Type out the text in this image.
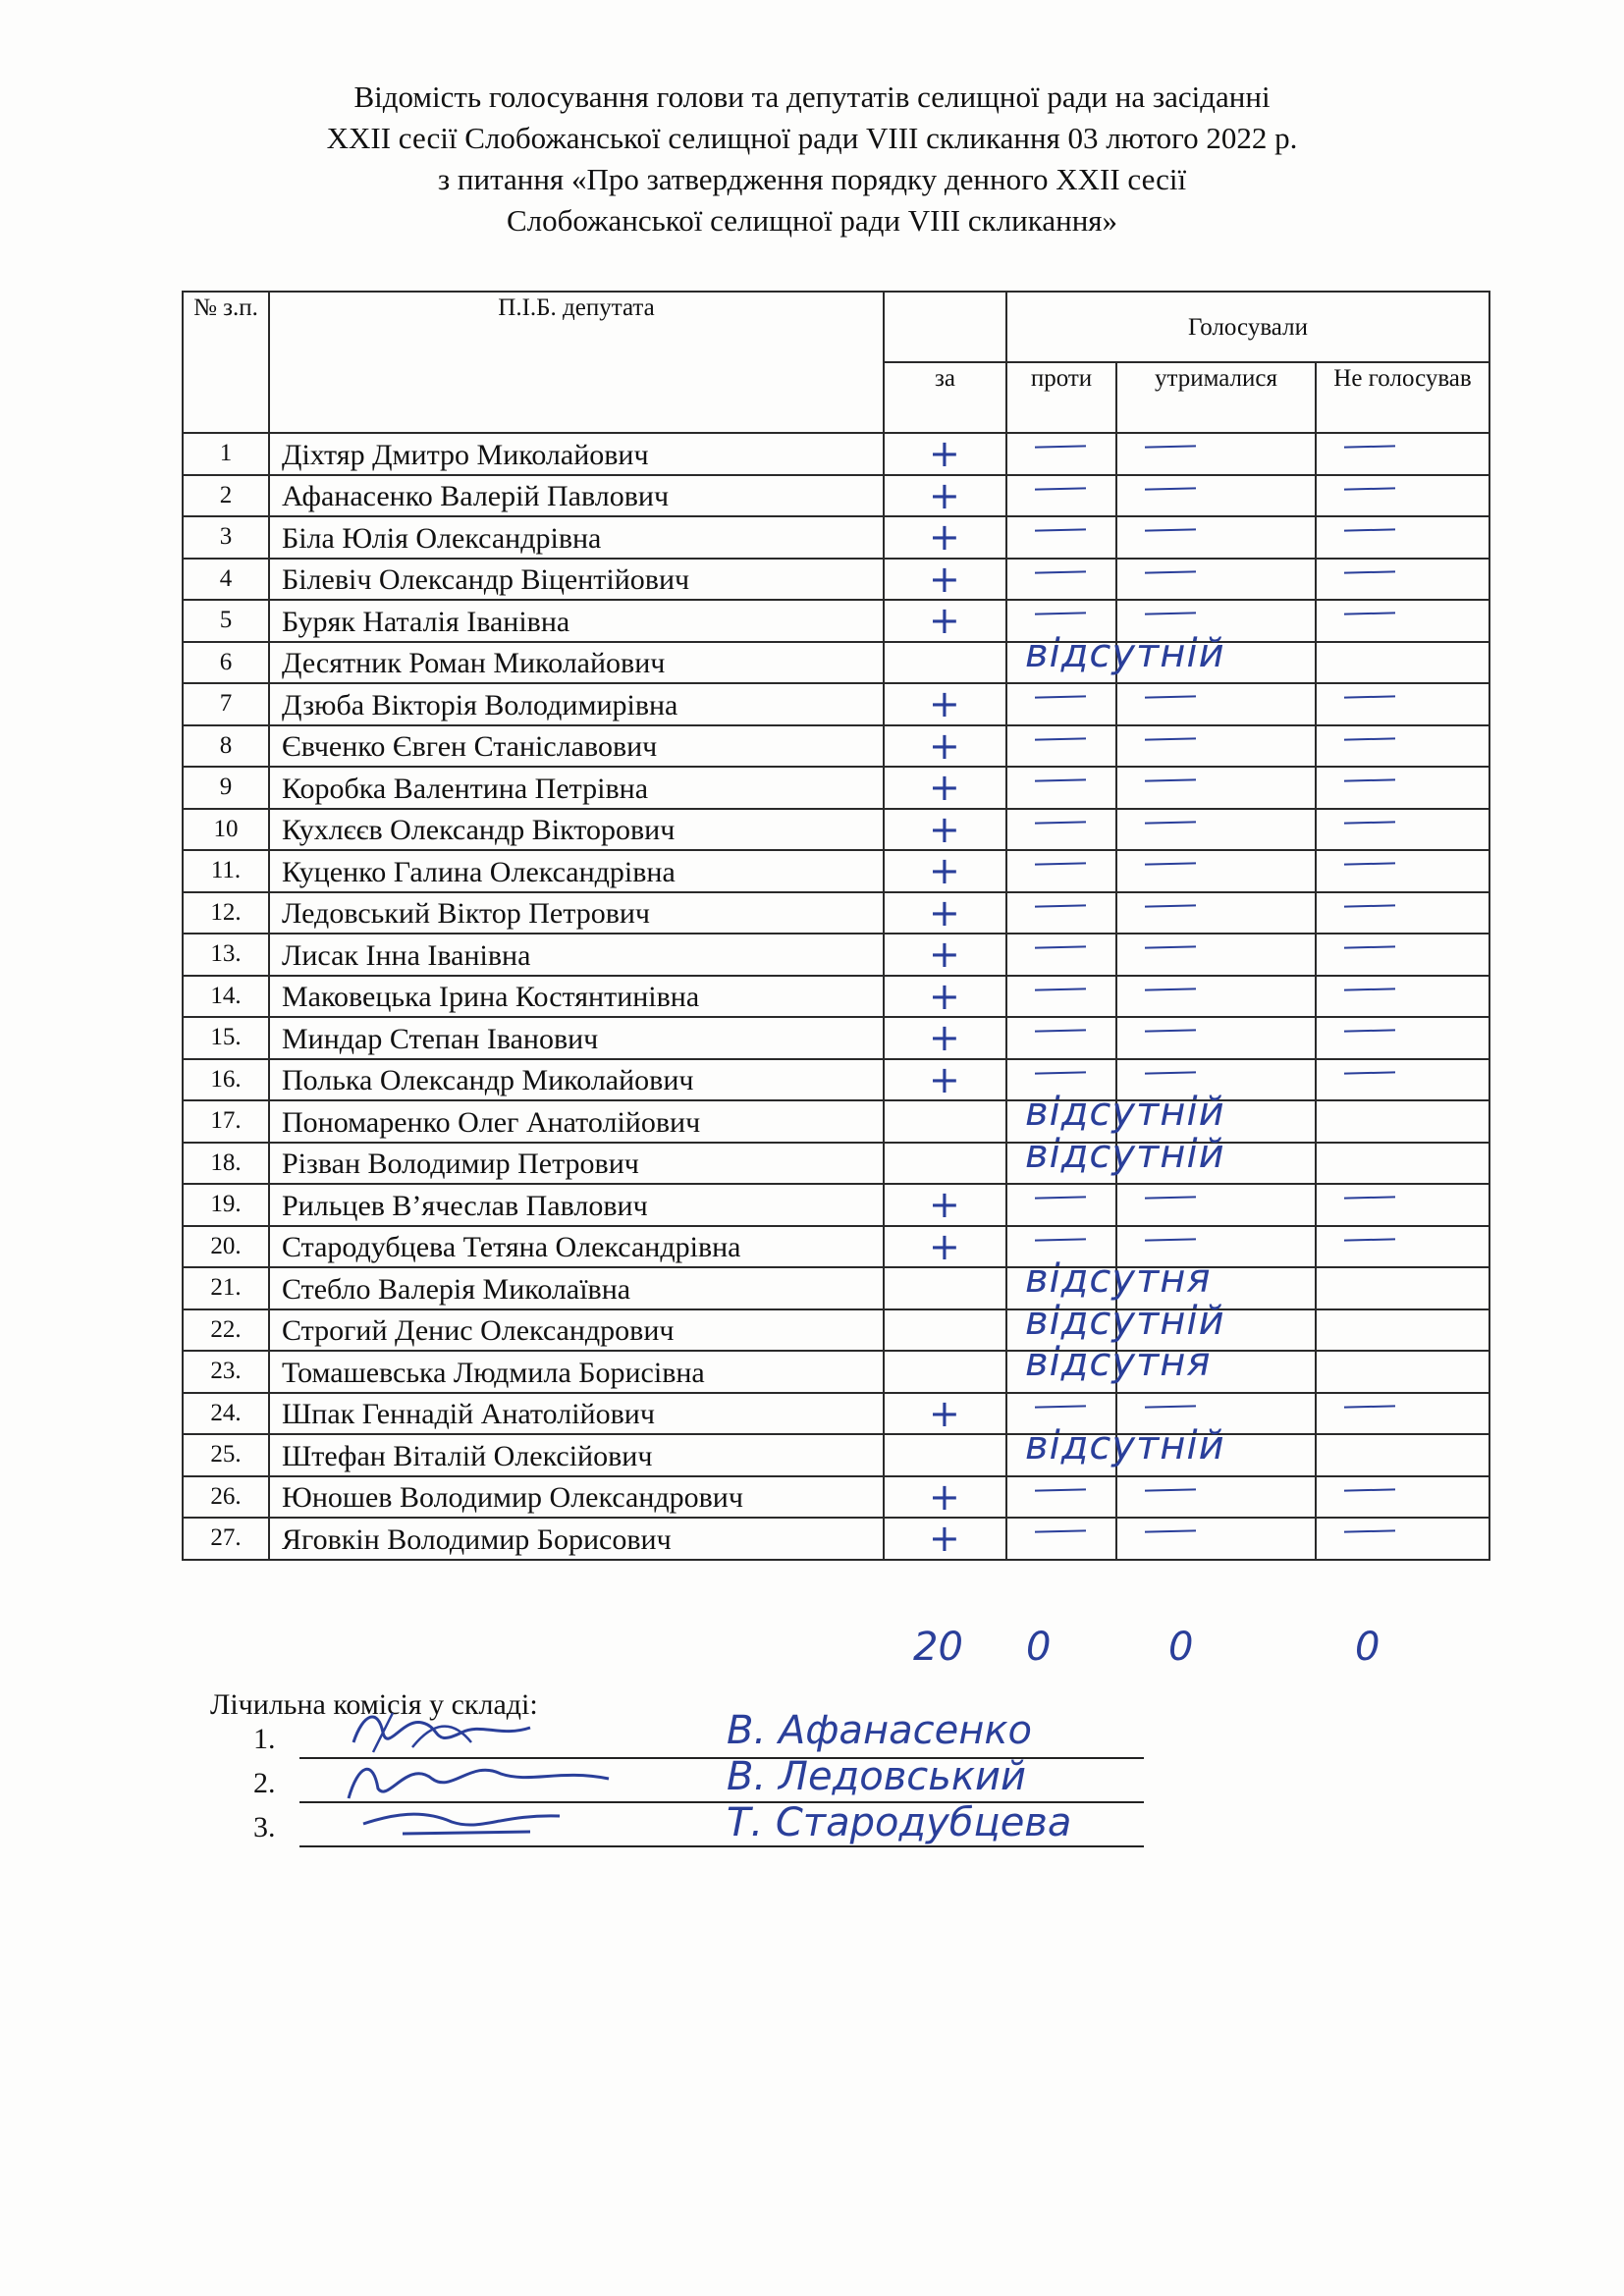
Відомість голосування голови та депутатів селищної ради на засіданні
XXII сесії Слобожанської селищної ради VIII скликання 03 лютого 2022 р.
з питання «Про затвердження порядку денного XXII сесії
Слобожанської селищної ради VIII скликання»
№ з.п.	П.І.Б. депутата		Голосували		
		за	проти	утрималися	Не голосував
1	Діхтяр Дмитро Миколайович	+			

2	Афанасенко Валерій Павлович	+			

3	Біла Юлія Олександрівна	+			

4	Білевіч Олександр Віцентійович	+			

5	Буряк Наталія Іванівна	+			

6	Десятник Роман Миколайович		відсутній		

7	Дзюба Вікторія Володимирівна	+			

8	Євченко Євген Станіславович	+			

9	Коробка Валентина Петрівна	+			

10	Кухлєєв Олександр Вікторович	+			

11.	Куценко Галина Олександрівна	+			

12.	Ледовський Віктор Петрович	+			

13.	Лисак Інна Іванівна	+			

14.	Маковецька Ірина Костянтинівна	+			

15.	Миндар Степан Іванович	+			

16.	Полька Олександр Миколайович	+			

17.	Пономаренко Олег Анатолійович		відсутній		

18.	Різван Володимир Петрович		відсутній		

19.	Рильцев В’ячеслав Павлович	+			

20.	Стародубцева Тетяна Олександрівна	+			

21.	Стебло Валерія Миколаївна		відсутня		

22.	Строгий Денис Олександрович		відсутній		

23.	Томашевська Людмила Борисівна		відсутня		

24.	Шпак Геннадій Анатолійович	+			

25.	Штефан Віталій Олексійович		відсутній		

26.	Юношев Володимир Олександрович	+			

27.	Яговкін Володимир Борисович	+			

20 0	0	0
Лічильна комісія у складі:
1.	В. Афанасенко
2.	В. Ледовський
3.	Т. Стародубцева
